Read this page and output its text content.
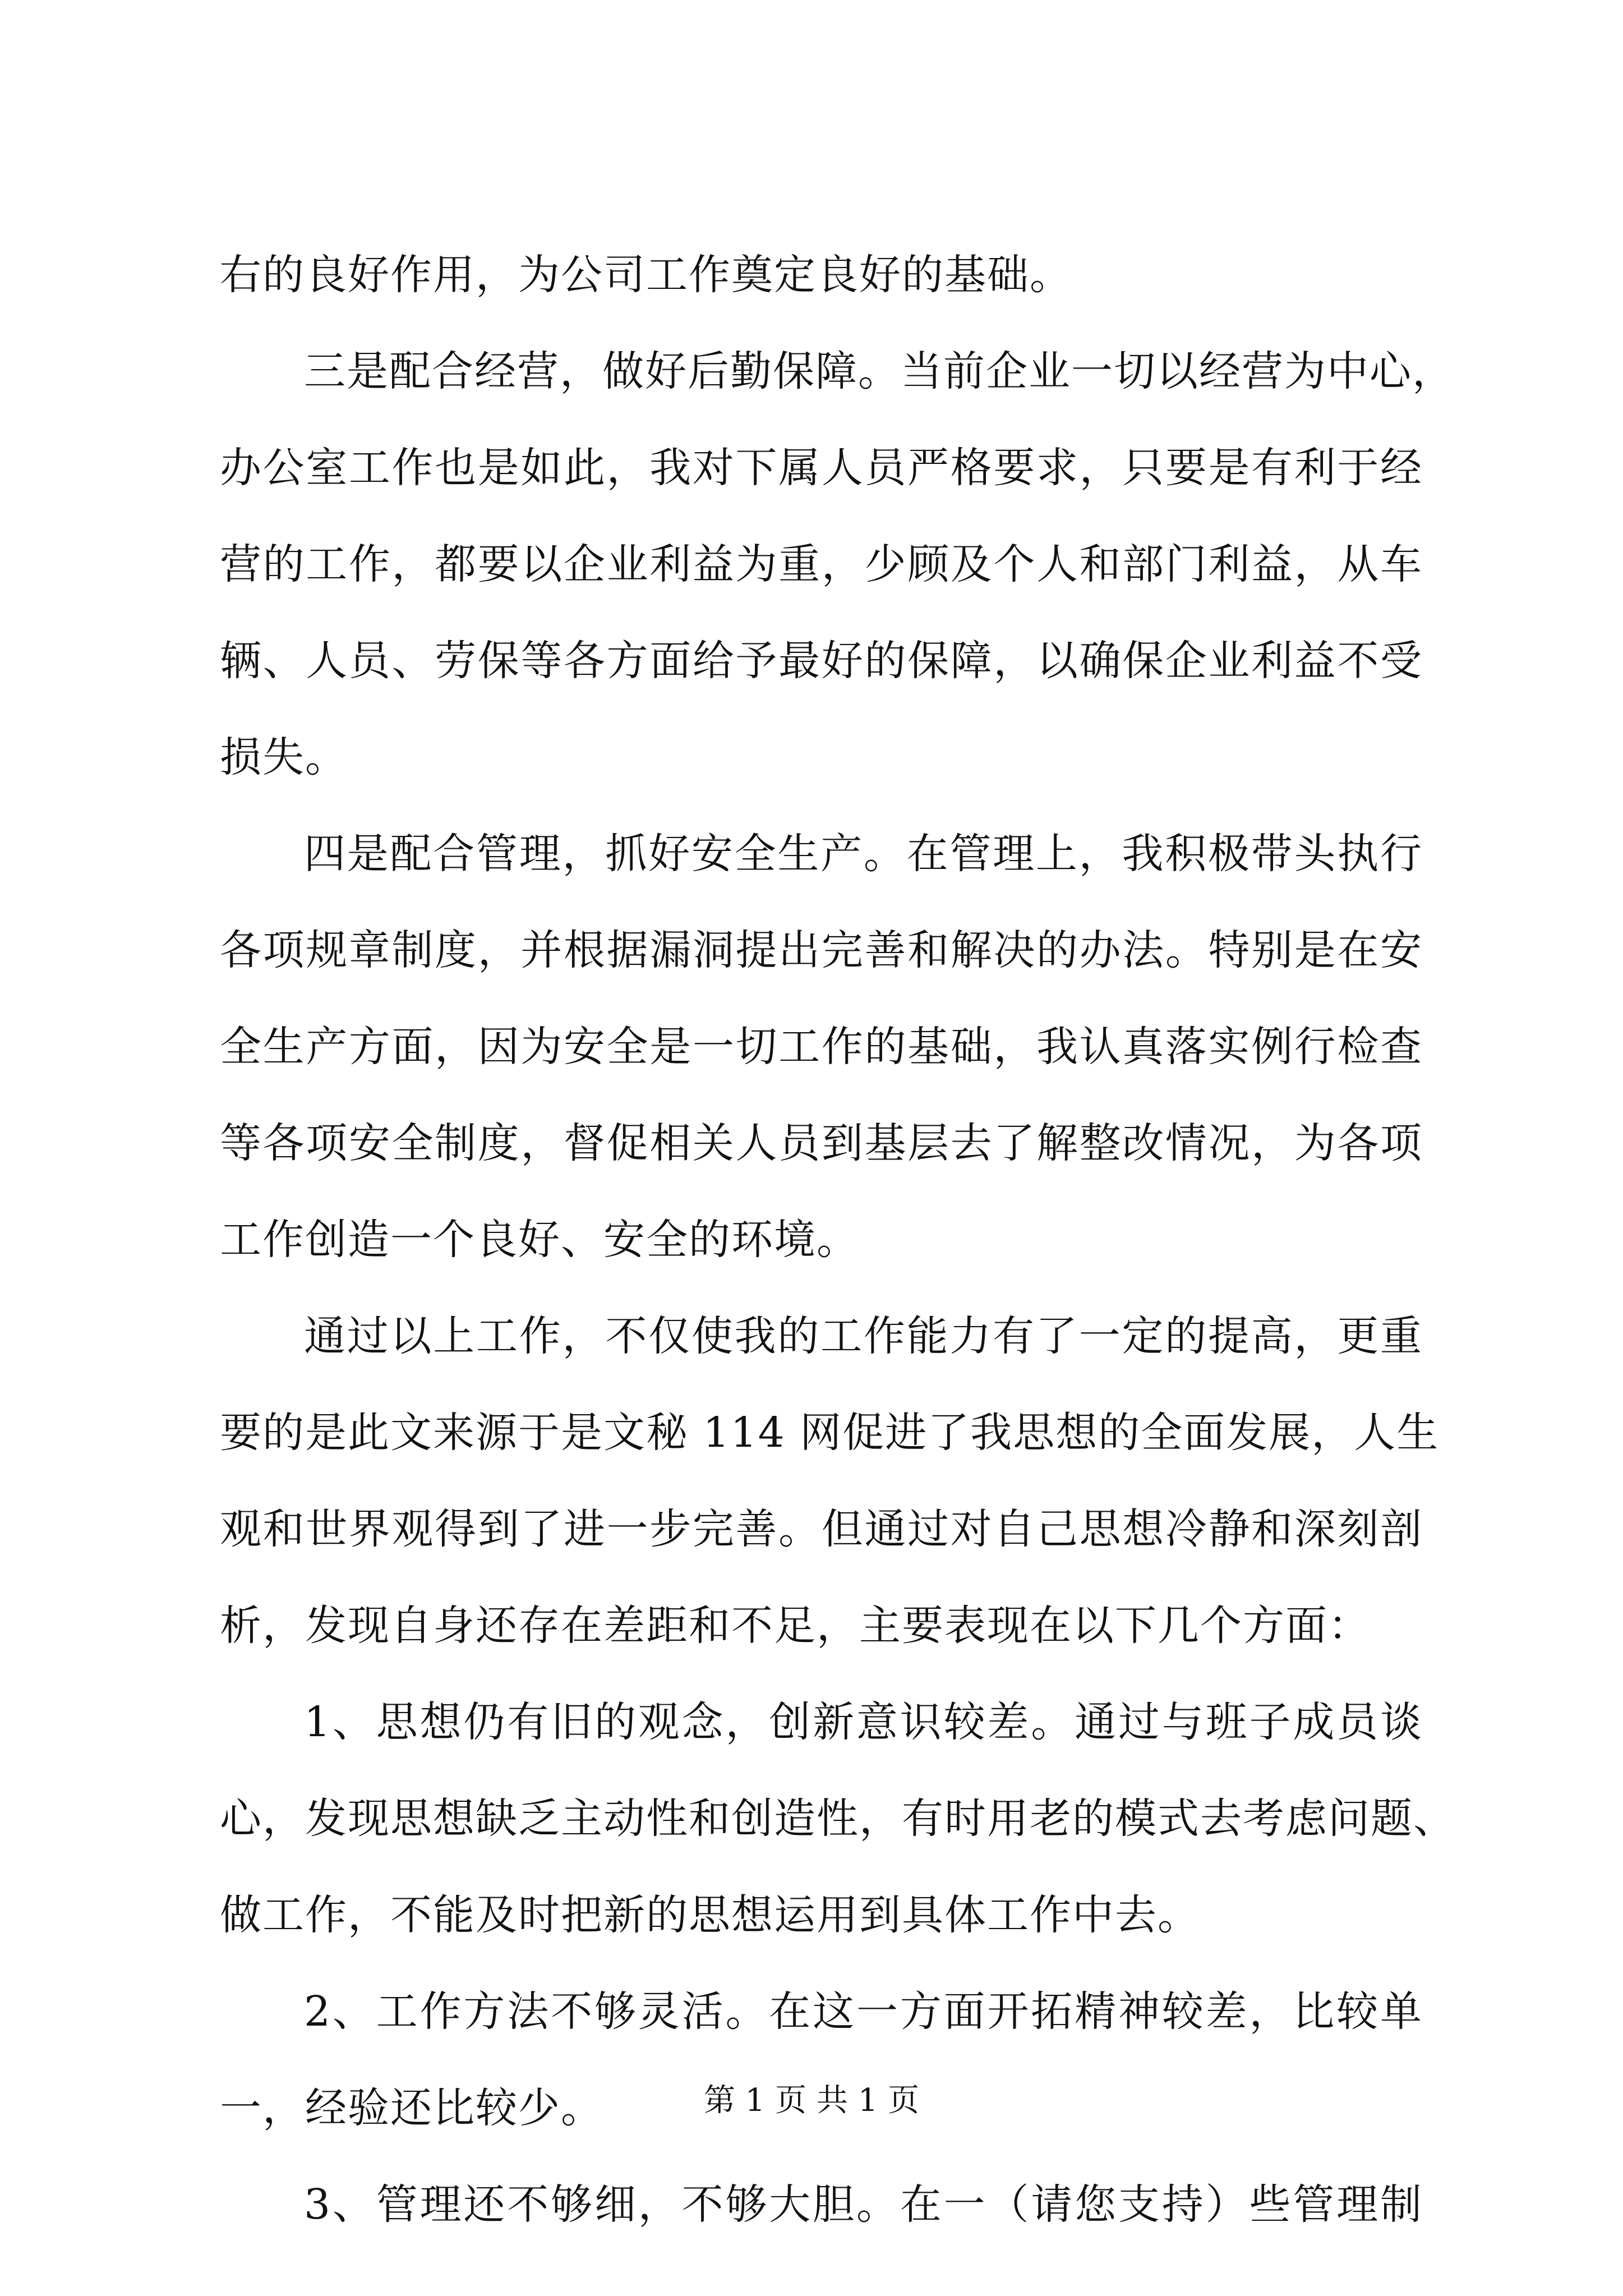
右的良好作用，为公司工作奠定良好的基础。
三是配合经营，做好后勤保障。当前企业一切以经营为中心，
办公室工作也是如此，我对下属人员严格要求，只要是有利于经
营的工作，都要以企业利益为重，少顾及个人和部门利益，从车
辆、人员、劳保等各方面给予最好的保障，以确保企业利益不受
损失。
四是配合管理，抓好安全生产。在管理上，我积极带头执行
各项规章制度，并根据漏洞提出完善和解决的办法。特别是在安
全生产方面，因为安全是一切工作的基础，我认真落实例行检查
等各项安全制度，督促相关人员到基层去了解整改情况，为各项
工作创造一个良好、安全的环境。
通过以上工作，不仅使我的工作能力有了一定的提高，更重
要的是此文来源于是文秘 114 网促进了我思想的全面发展，人生
观和世界观得到了进一步完善。但通过对自己思想冷静和深刻剖
析，发现自身还存在差距和不足，主要表现在以下几个方面：
1、思想仍有旧的观念，创新意识较差。通过与班子成员谈
心，发现思想缺乏主动性和创造性，有时用老的模式去考虑问题、
做工作，不能及时把新的思想运用到具体工作中去。
2、工作方法不够灵活。在这一方面开拓精神较差，比较单
一，经验还比较少。
3、管理还不够细，不够大胆。在一（请您支持）些管理制
第 1 页 共 1 页
